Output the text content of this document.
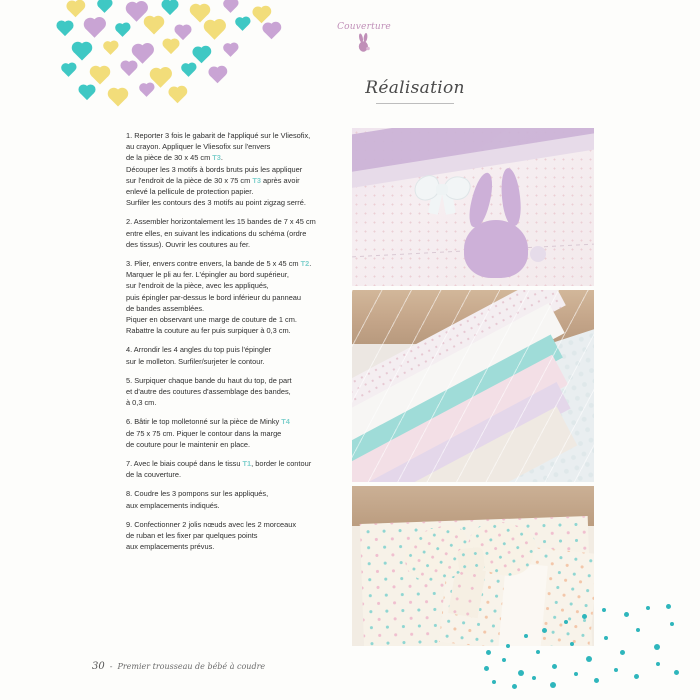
Couverture
Réalisation

1. Reporter 3 fois le gabarit de l'appliqué sur le Vliesofix,

au crayon. Appliquer le Vliesofix sur l'envers

de la pièce de 30 x 45 cm T3.

Découper les 3 motifs à bords bruts puis les appliquer

sur l'endroit de la pièce de 30 x 75 cm T3 après avoir

enlevé la pellicule de protection papier.

Surfiler les contours des 3 motifs au point zigzag serré.

2. Assembler horizontalement les 15 bandes de 7 x 45 cm

entre elles, en suivant les indications du schéma (ordre

des tissus). Ouvrir les coutures au fer.

3. Plier, envers contre envers, la bande de 5 x 45 cm T2.

Marquer le pli au fer. L'épingler au bord supérieur,

sur l'endroit de la pièce, avec les appliqués,

puis épingler par-dessus le bord inférieur du panneau

de bandes assemblées.

Piquer en observant une marge de couture de 1 cm.

Rabattre la couture au fer puis surpiquer à 0,3 cm.

4. Arrondir les 4 angles du top puis l'épingler

sur le molleton. Surfiler/surjeter le contour.

5. Surpiquer chaque bande du haut du top, de part

et d'autre des coutures d'assemblage des bandes,

à 0,3 cm.

6. Bâtir le top molletonné sur la pièce de Minky T4

de 75 x 75 cm. Piquer le contour dans la marge

de couture pour le maintenir en place.

7. Avec le biais coupé dans le tissu T1, border le contour

de la couverture.

8. Coudre les 3 pompons sur les appliqués,

aux emplacements indiqués.

9. Confectionner 2 jolis nœuds avec les 2 morceaux

de ruban et les fixer par quelques points

aux emplacements prévus.

30 - Premier trousseau de bébé à coudre
